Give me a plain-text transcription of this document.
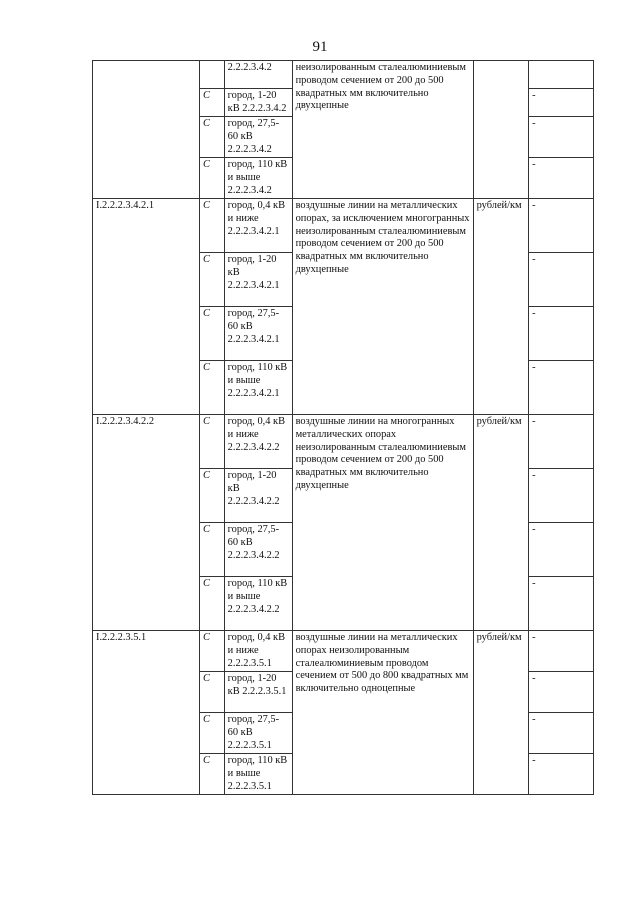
91
		2.2.2.3.4.2	неизолированным сталеалюминиевым проводом сечением от 200 до 500 квадратных мм включительно двухцепные		
	С	город, 1-20 кВ 2.2.2.3.4.2			-
	С	город, 27,5-60 кВ 2.2.2.3.4.2			-
	С	город, 110 кВ и выше 2.2.2.3.4.2			-
I.2.2.2.3.4.2.1	С	город, 0,4 кВ и ниже 2.2.2.3.4.2.1	воздушные линии на металлических опорах, за исключением многогранных неизолированным сталеалюминиевым проводом сечением от 200 до 500 квадратных мм включительно двухцепные	рублей/км	-
	С	город, 1-20 кВ 2.2.2.3.4.2.1			-
	С	город, 27,5-60 кВ 2.2.2.3.4.2.1			-
	С	город, 110 кВ и выше 2.2.2.3.4.2.1			-
I.2.2.2.3.4.2.2	С	город, 0,4 кВ и ниже 2.2.2.3.4.2.2	воздушные линии на многогранных металлических опорах неизолированным сталеалюминиевым проводом сечением от 200 до 500 квадратных мм включительно двухцепные	рублей/км	-
	С	город, 1-20 кВ 2.2.2.3.4.2.2			-
	С	город, 27,5-60 кВ 2.2.2.3.4.2.2			-
	С	город, 110 кВ и выше 2.2.2.3.4.2.2			-
I.2.2.2.3.5.1	С	город, 0,4 кВ и ниже 2.2.2.3.5.1	воздушные линии на металлических опорах неизолированным сталеалюминиевым проводом сечением от 500 до 800 квадратных мм включительно одноцепные	рублей/км	-
	С	город, 1-20 кВ 2.2.2.3.5.1			-
	С	город, 27,5-60 кВ 2.2.2.3.5.1			-
	С	город, 110 кВ и выше 2.2.2.3.5.1			-
